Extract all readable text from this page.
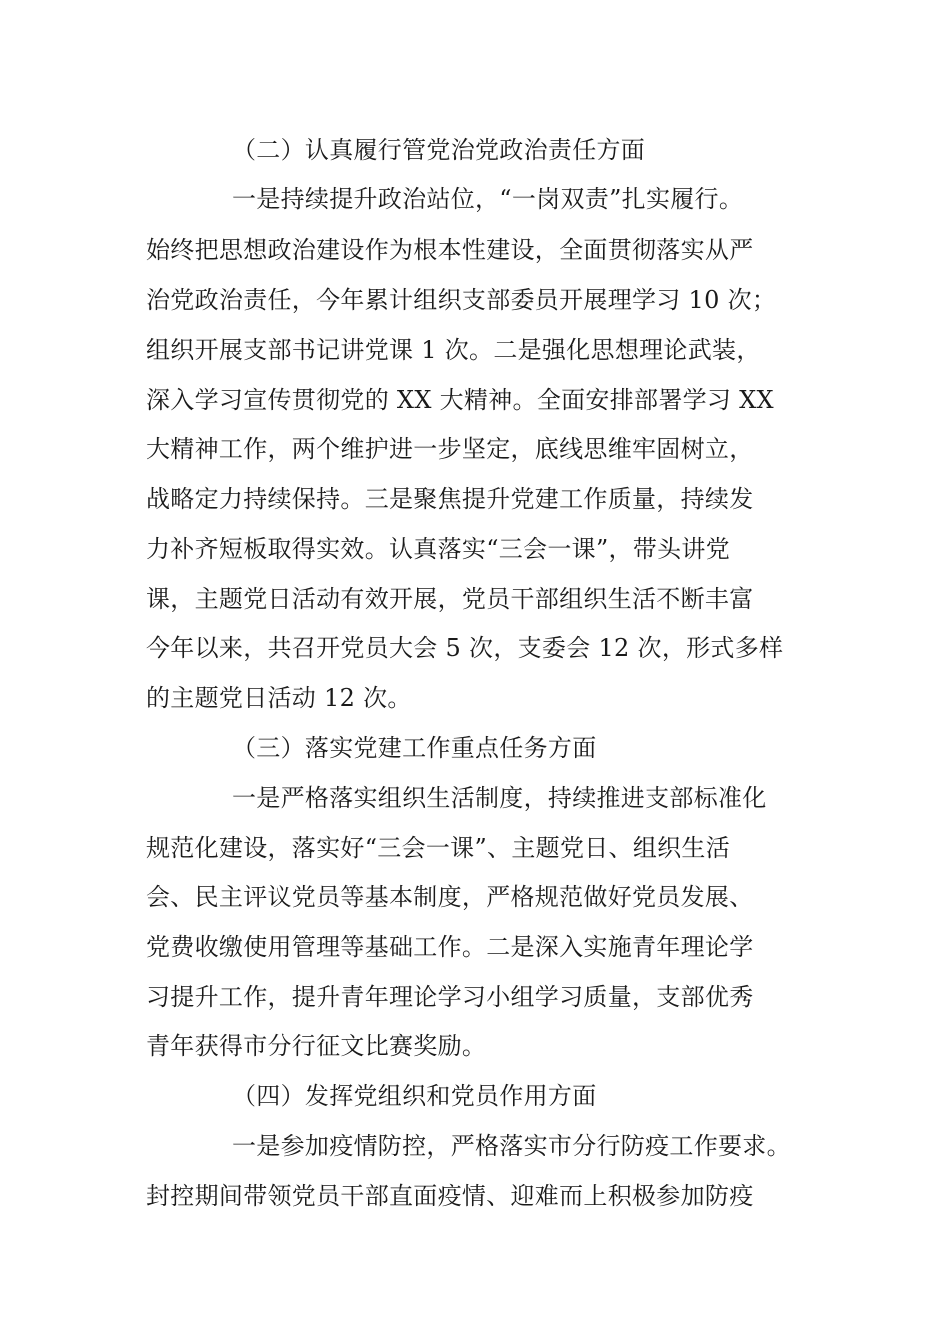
（二）认真履行管党治党政治责任方面
一是持续提升政治站位，“一岗双责”扎实履行。
始终把思想政治建设作为根本性建设，全面贯彻落实从严
治党政治责任，今年累计组织支部委员开展理学习 10 次；
组织开展支部书记讲党课 1 次。二是强化思想理论武装，
深入学习宣传贯彻党的 XX 大精神。全面安排部署学习 XX
大精神工作，两个维护进一步坚定，底线思维牢固树立，
战略定力持续保持。三是聚焦提升党建工作质量，持续发
力补齐短板取得实效。认真落实“三会一课”，带头讲党
课，主题党日活动有效开展，党员干部组织生活不断丰富
今年以来，共召开党员大会 5 次，支委会 12 次，形式多样
的主题党日活动 12 次。
（三）落实党建工作重点任务方面
一是严格落实组织生活制度，持续推进支部标准化
规范化建设，落实好“三会一课”、主题党日、组织生活
会、民主评议党员等基本制度，严格规范做好党员发展、
党费收缴使用管理等基础工作。二是深入实施青年理论学
习提升工作，提升青年理论学习小组学习质量，支部优秀
青年获得市分行征文比赛奖励。
（四）发挥党组织和党员作用方面
一是参加疫情防控，严格落实市分行防疫工作要求。
封控期间带领党员干部直面疫情、迎难而上积极参加防疫
